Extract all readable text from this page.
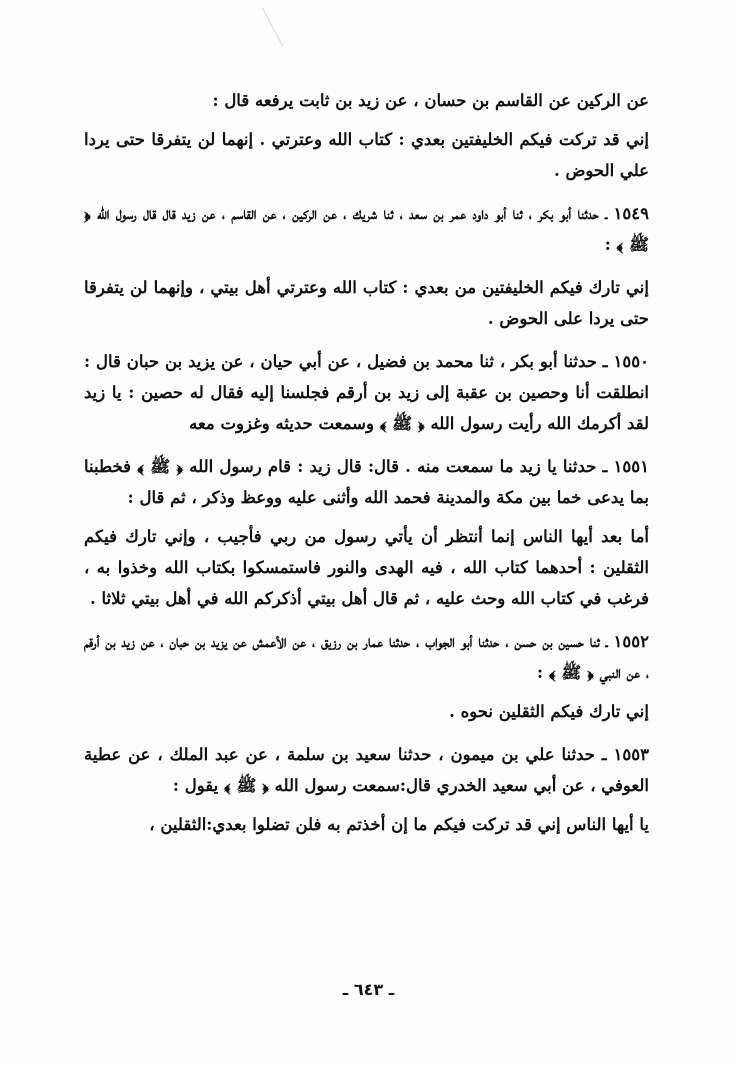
عن الركين عن القاسم بن حسان ، عن زيد بن ثابت يرفعه قال :

إني قد تركت فيكم الخليفتين بعدي : كتاب الله وعترتي . إنهما لن يتفرقا حتى يردا علي الحوض .

١٥٤٩ ـ حدثنا أبو بكر ، ثنا أبو داود عمر بن سعد ، ثنا شريك ، عن الركين ، عن القاسم ، عن زيد قال قال رسول الله ﴿ ﷺ ﴾ :

إني تارك فيكم الخليفتين من بعدي : كتاب الله وعترتي أهل بيتي ، وإنهما لن يتفرقا حتى يردا على الحوض .

١٥٥٠ ـ حدثنا أبو بكر ، ثنا محمد بن فضيل ، عن أبي حيان ، عن يزيد بن حبان قال : انطلقت أنا وحصين بن عقبة إلى زيد بن أرقم فجلسنا إليه فقال له حصين : يا زيد لقد أكرمك الله رأيت رسول الله ﴿ ﷺ ﴾ وسمعت حديثه وغزوت معه

١٥٥١ ـ حدثنا يا زيد ما سمعت منه . قال: قال زيد : قام رسول الله ﴿ ﷺ ﴾ فخطبنا بما يدعى خما بين مكة والمدينة فحمد الله وأثنى عليه ووعظ وذكر ، ثم قال :

أما بعد أيها الناس إنما أنتظر أن يأتي رسول من ربي فأجيب ، وإني تارك فيكم الثقلين : أحدهما كتاب الله ، فيه الهدى والنور فاستمسكوا بكتاب الله وخذوا به ، فرغب في كتاب الله وحث عليه ، ثم قال أهل بيتي أذكركم الله في أهل بيتي ثلاثا .

١٥٥٢ ـ ثنا حسين بن حسن ، حدثنا أبو الجواب ، حدثنا عمار بن رزيق ، عن الأعمش عن يزيد بن حبان ، عن زيد بن أرقم ، عن النبي ﴿ ﷺ ﴾ :

إني تارك فيكم الثقلين نحوه .

١٥٥٣ ـ حدثنا علي بن ميمون ، حدثنا سعيد بن سلمة ، عن عبد الملك ، عن عطية العوفي ، عن أبي سعيد الخدري قال:سمعت رسول الله ﴿ ﷺ ﴾ يقول :

يا أيها الناس إني قد تركت فيكم ما إن أخذتم به فلن تضلوا بعدي:الثقلين ،

ـ ٦٤٣ ـ
